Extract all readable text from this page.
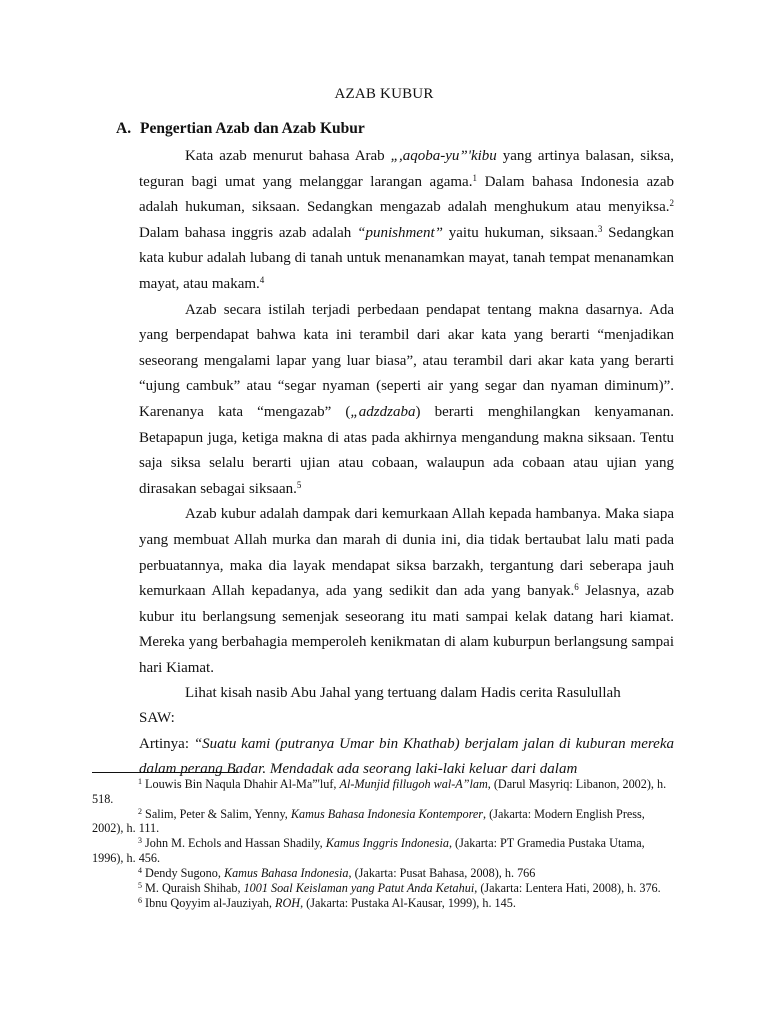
AZAB KUBUR
A. Pengertian Azab dan Azab Kubur

Kata azab menurut bahasa Arab „,aqoba-yu”'kibu yang artinya balasan, siksa, teguran bagi umat yang melanggar larangan agama.$^1$ Dalam bahasa Indonesia azab adalah hukuman, siksaan. Sedangkan mengazab adalah menghukum atau menyiksa.$^2$ Dalam bahasa inggris azab adalah “punishment” yaitu hukuman, siksaan.$^3$ Sedangkan kata kubur adalah lubang di tanah untuk menanamkan mayat, tanah tempat menanamkan mayat, atau makam.$^4$

Azab secara istilah terjadi perbedaan pendapat tentang makna dasarnya. Ada yang berpendapat bahwa kata ini terambil dari akar kata yang berarti “menjadikan seseorang mengalami lapar yang luar biasa”, atau terambil dari akar kata yang berarti “ujung cambuk” atau “segar nyaman (seperti air yang segar dan nyaman diminum)”. Karenanya kata “mengazab” („adzdzaba) berarti menghilangkan kenyamanan. Betapapun juga, ketiga makna di atas pada akhirnya mengandung makna siksaan. Tentu saja siksa selalu berarti ujian atau cobaan, walaupun ada cobaan atau ujian yang dirasakan sebagai siksaan.$^5$

Azab kubur adalah dampak dari kemurkaan Allah kepada hambanya. Maka siapa yang membuat Allah murka dan marah di dunia ini, dia tidak bertaubat lalu mati pada perbuatannya, maka dia layak mendapat siksa barzakh, tergantung dari seberapa jauh kemurkaan Allah kepadanya, ada yang sedikit dan ada yang banyak.$^6$ Jelasnya, azab kubur itu berlangsung semenjak seseorang itu mati sampai kelak datang hari kiamat. Mereka yang berbahagia memperoleh kenikmatan di alam kuburpun berlangsung sampai hari Kiamat.

Lihat kisah nasib Abu Jahal yang tertuang dalam Hadis cerita Rasulullah

SAW:

Artinya: “Suatu kami (putranya Umar bin Khathab) berjalam jalan di kuburan mereka dalam perang Badar. Mendadak ada seorang laki-laki keluar dari dalam

$^1$ Louwis Bin Naqula Dhahir Al-Ma”'luf, Al-Munjid fillugoh wal-A”lam, (Darul Masyriq: Libanon, 2002), h. 518.

$^2$ Salim, Peter & Salim, Yenny, Kamus Bahasa Indonesia Kontemporer, (Jakarta: Modern English Press, 2002), h. 111.

$^3$ John M. Echols and Hassan Shadily, Kamus Inggris Indonesia, (Jakarta: PT Gramedia Pustaka Utama, 1996), h. 456.

$^4$ Dendy Sugono, Kamus Bahasa Indonesia, (Jakarta: Pusat Bahasa, 2008), h. 766

$^5$ M. Quraish Shihab, 1001 Soal Keislaman yang Patut Anda Ketahui, (Jakarta: Lentera Hati, 2008), h. 376.

$^6$ Ibnu Qoyyim al-Jauziyah, ROH, (Jakarta: Pustaka Al-Kausar, 1999), h. 145.
